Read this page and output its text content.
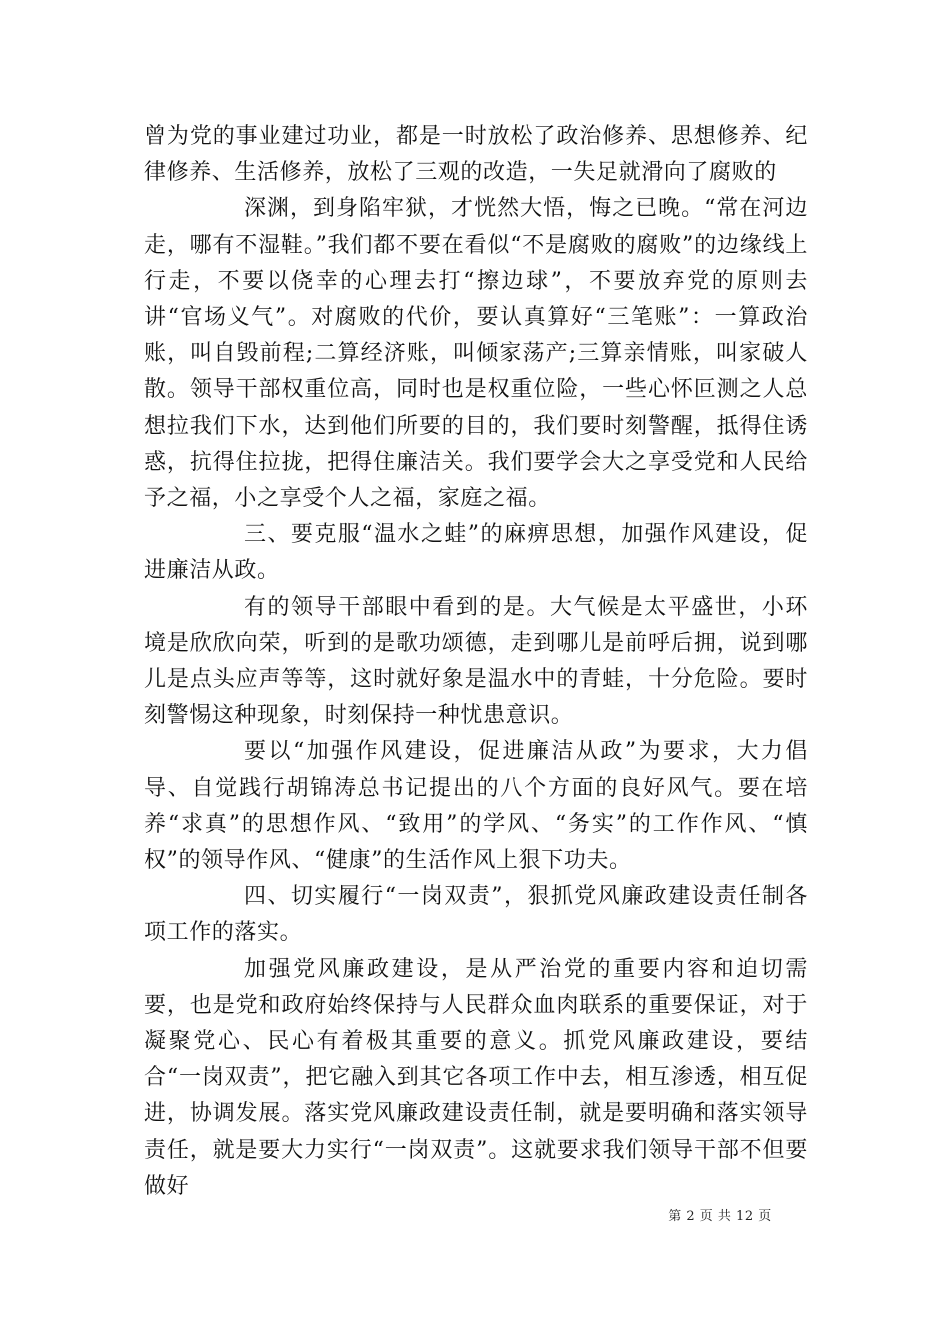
曾为党的事业建过功业，都是一时放松了政治修养、思想修养、纪律修养、生活修养，放松了三观的改造，一失足就滑向了腐败的

深渊，到身陷牢狱，才恍然大悟，悔之已晚。“常在河边走，哪有不湿鞋。”我们都不要在看似“不是腐败的腐败”的边缘线上行走，不要以侥幸的心理去打“擦边球”，不要放弃党的原则去讲“官场义气”。对腐败的代价，要认真算好“三笔账”：一算政治账，叫自毁前程;二算经济账，叫倾家荡产;三算亲情账，叫家破人散。领导干部权重位高，同时也是权重位险，一些心怀叵测之人总想拉我们下水，达到他们所要的目的，我们要时刻警醒，抵得住诱惑，抗得住拉拢，把得住廉洁关。我们要学会大之享受党和人民给予之福，小之享受个人之福，家庭之福。

三、要克服“温水之蛙”的麻痹思想，加强作风建设，促进廉洁从政。

有的领导干部眼中看到的是。大气候是太平盛世，小环境是欣欣向荣，听到的是歌功颂德，走到哪儿是前呼后拥，说到哪儿是点头应声等等，这时就好象是温水中的青蛙，十分危险。要时刻警惕这种现象，时刻保持一种忧患意识。

要以“加强作风建设，促进廉洁从政”为要求，大力倡导、自觉践行胡锦涛总书记提出的八个方面的良好风气。要在培养“求真”的思想作风、“致用”的学风、“务实”的工作作风、“慎权”的领导作风、“健康”的生活作风上狠下功夫。

四、切实履行“一岗双责”，狠抓党风廉政建设责任制各项工作的落实。

加强党风廉政建设，是从严治党的重要内容和迫切需要，也是党和政府始终保持与人民群众血肉联系的重要保证，对于凝聚党心、民心有着极其重要的意义。抓党风廉政建设，要结合“一岗双责”，把它融入到其它各项工作中去，相互渗透，相互促进，协调发展。落实党风廉政建设责任制，就是要明确和落实领导责任，就是要大力实行“一岗双责”。这就要求我们领导干部不但要做好

第 2 页 共 12 页
